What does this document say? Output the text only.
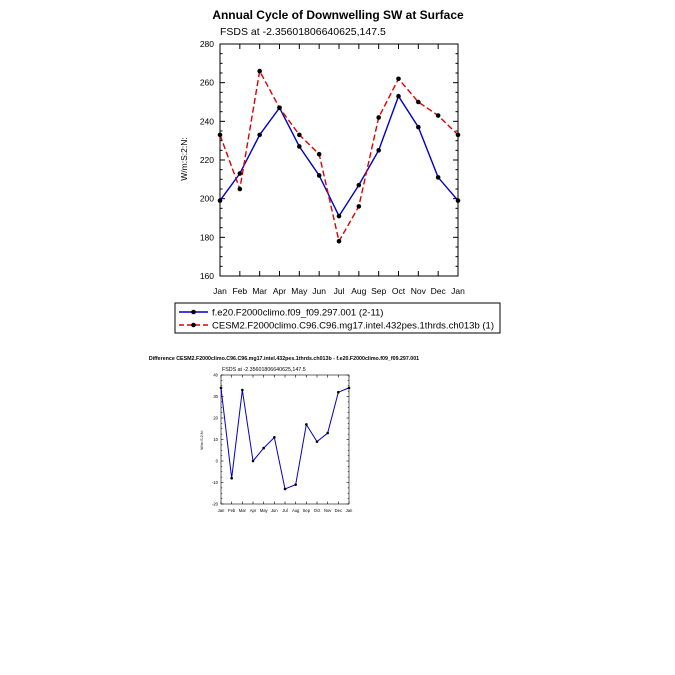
Annual Cycle of Downwelling SW at Surface
FSDS at -2.35601806640625,147.5
W/m:S:2:N:
160
180
200
220
240
260
280
Jan Feb Mar Apr May Jun Jul Aug Sep Oct Nov Dec Jan
f.e20.F2000climo.f09_f09.297.001 (2-11)
CESM2.F2000climo.C96.C96.mg17.intel.432pes.1thrds.ch013b (1)
Difference CESM2.F2000climo.C96.C96.mg17.intel.432pes.1thrds.ch013b - f.e20.F2000climo.f09_f09.297.001
FSDS at -2.35601806640625,147.5
W/m:S:2:N:
-20
-10
0
10
20
30
40
Jan Feb Mar Apr May Jun Jul Aug Sep Oct Nov Dec Jan
